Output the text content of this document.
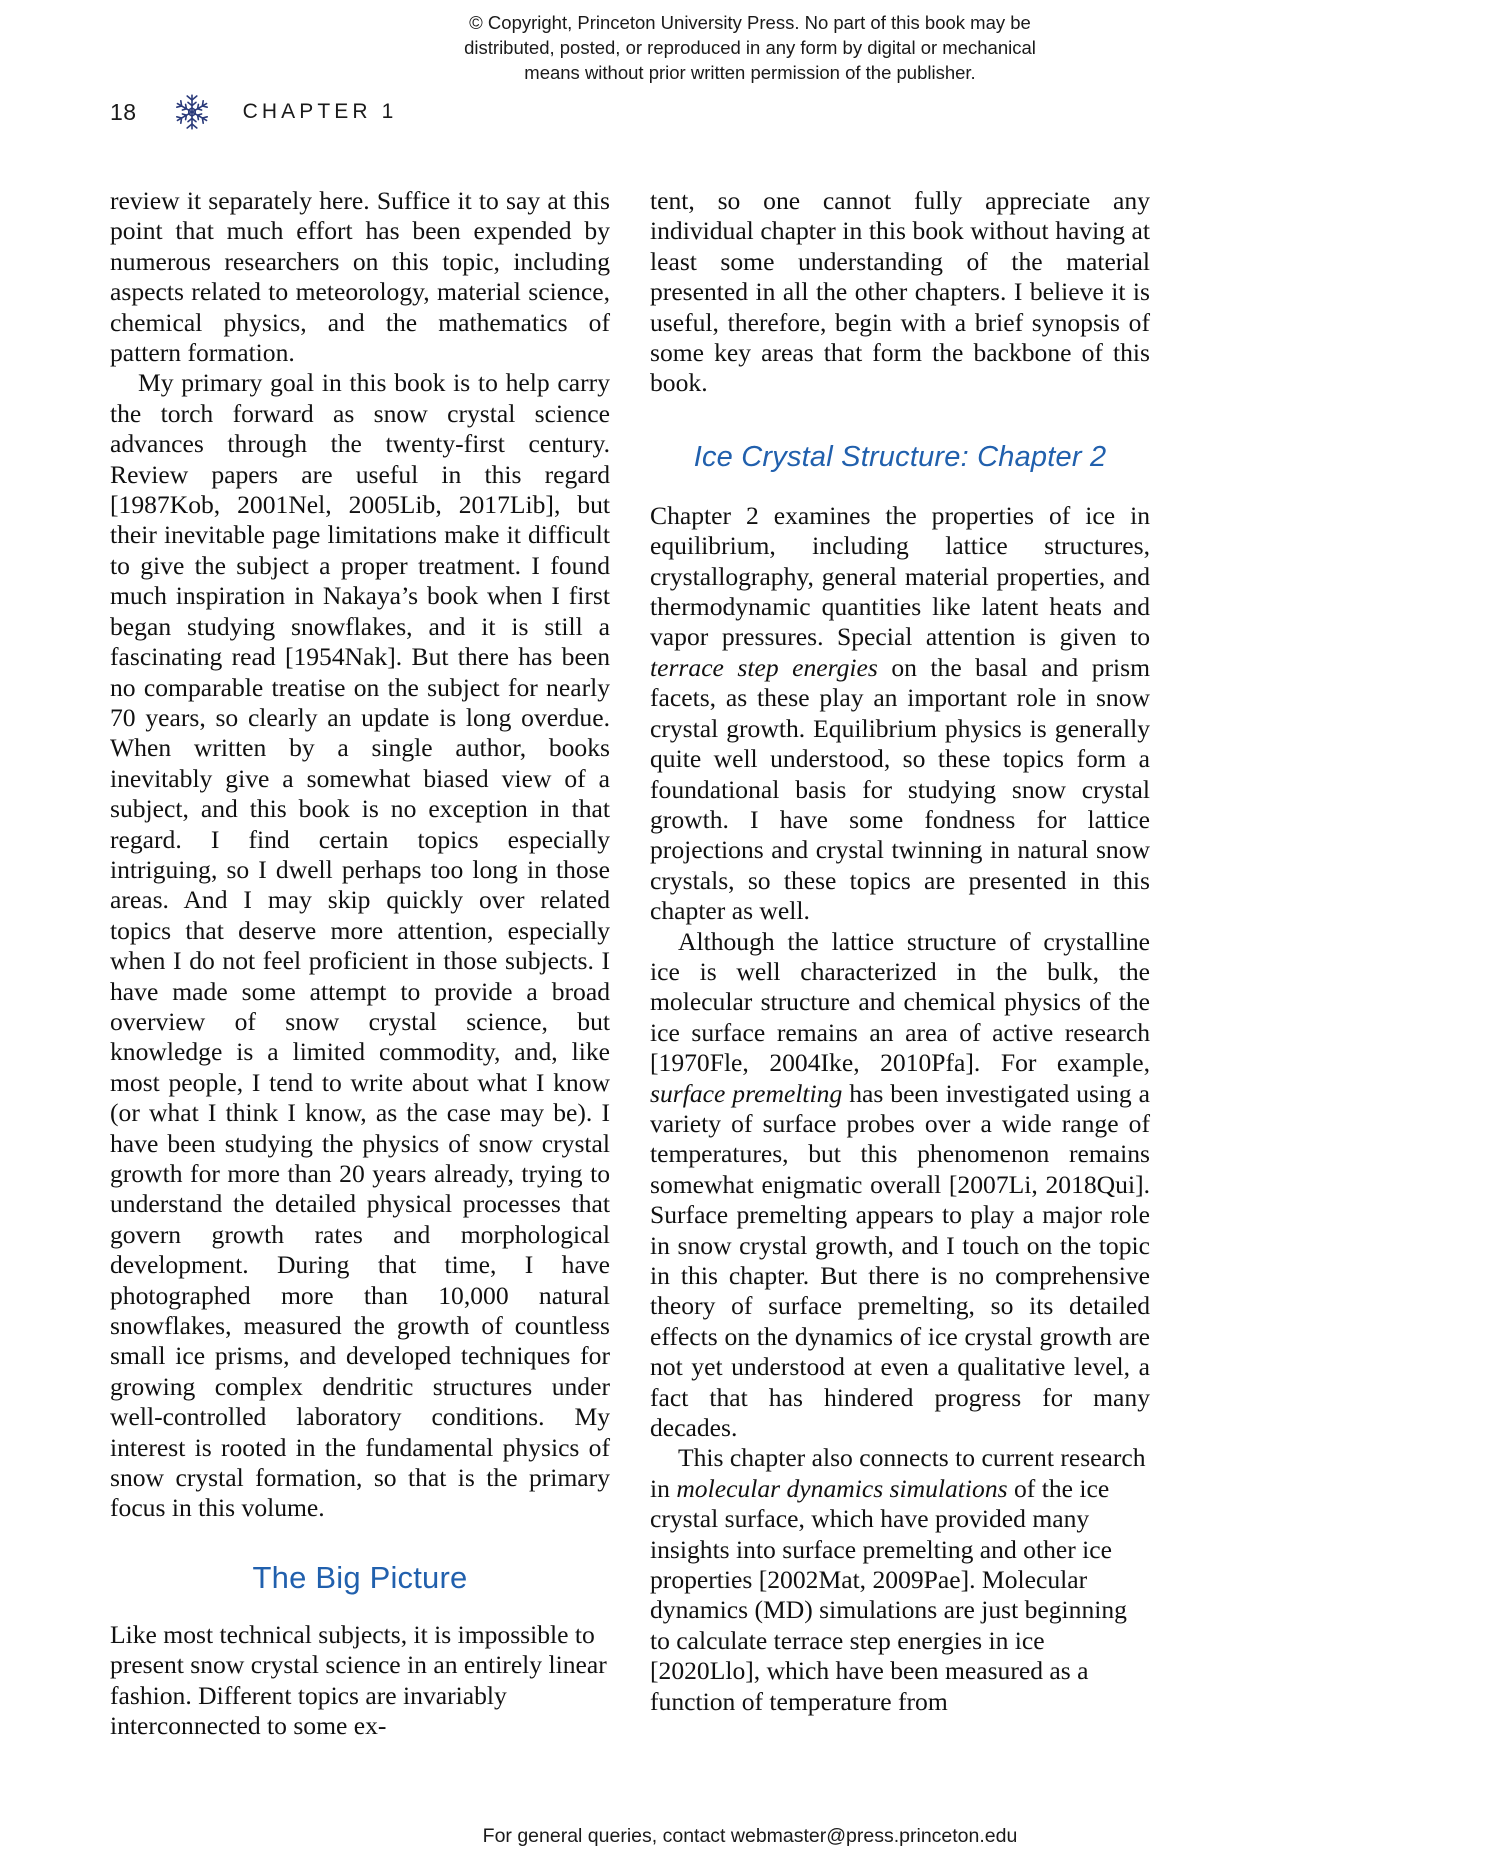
© Copyright, Princeton University Press. No part of this book may be
distributed, posted, or reproduced in any form by digital or mechanical
means without prior written permission of the publisher.
18	CHAPTER 1

review it separately here. Suffice it to say at this point that much effort has been expended by numerous researchers on this topic, including aspects related to meteorology, material science, chemical physics, and the mathematics of pattern formation.

My primary goal in this book is to help carry the torch forward as snow crystal science advances through the twenty-first century. Review papers are useful in this regard [1987Kob, 2001Nel, 2005Lib, 2017Lib], but their inevitable page limitations make it difficult to give the subject a proper treatment. I found much inspiration in Nakaya’s book when I first began studying snowflakes, and it is still a fascinating read [1954Nak]. But there has been no comparable treatise on the subject for nearly 70 years, so clearly an update is long overdue. When written by a single author, books inevitably give a somewhat biased view of a subject, and this book is no exception in that regard. I find certain topics especially intriguing, so I dwell perhaps too long in those areas. And I may skip quickly over related topics that deserve more attention, especially when I do not feel proficient in those subjects. I have made some attempt to provide a broad overview of snow crystal science, but knowledge is a limited commodity, and, like most people, I tend to write about what I know (or what I think I know, as the case may be). I have been studying the physics of snow crystal growth for more than 20 years already, trying to understand the detailed physical processes that govern growth rates and morphological development. During that time, I have photographed more than 10,000 natural snowflakes, measured the growth of countless small ice prisms, and developed techniques for growing complex dendritic structures under well-controlled laboratory conditions. My interest is rooted in the fundamental physics of snow crystal formation, so that is the primary focus in this volume.

The Big Picture

Like most technical subjects, it is impossible to present snow crystal science in an entirely linear fashion. Different topics are invariably interconnected to some ex-

tent, so one cannot fully appreciate any individual chapter in this book without having at least some understanding of the material presented in all the other chapters. I believe it is useful, therefore, begin with a brief synopsis of some key areas that form the backbone of this book.

Ice Crystal Structure: Chapter 2

Chapter 2 examines the properties of ice in equilibrium, including lattice structures, crystallography, general material properties, and thermodynamic quantities like latent heats and vapor pressures. Special attention is given to terrace step energies on the basal and prism facets, as these play an important role in snow crystal growth. Equilibrium physics is generally quite well understood, so these topics form a foundational basis for studying snow crystal growth. I have some fondness for lattice projections and crystal twinning in natural snow crystals, so these topics are presented in this chapter as well.

Although the lattice structure of crystalline ice is well characterized in the bulk, the molecular structure and chemical physics of the ice surface remains an area of active research [1970Fle, 2004Ike, 2010Pfa]. For example, surface premelting has been investigated using a variety of surface probes over a wide range of temperatures, but this phenomenon remains somewhat enigmatic overall [2007Li, 2018Qui]. Surface premelting appears to play a major role in snow crystal growth, and I touch on the topic in this chapter. But there is no comprehensive theory of surface premelting, so its detailed effects on the dynamics of ice crystal growth are not yet understood at even a qualitative level, a fact that has hindered progress for many decades.

This chapter also connects to current research in molecular dynamics simulations of the ice crystal surface, which have provided many insights into surface premelting and other ice properties [2002Mat, 2009Pae]. Molecular dynamics (MD) simulations are just beginning to calculate terrace step energies in ice [2020Llo], which have been measured as a function of temperature from

For general queries, contact webmaster@press.princeton.edu
